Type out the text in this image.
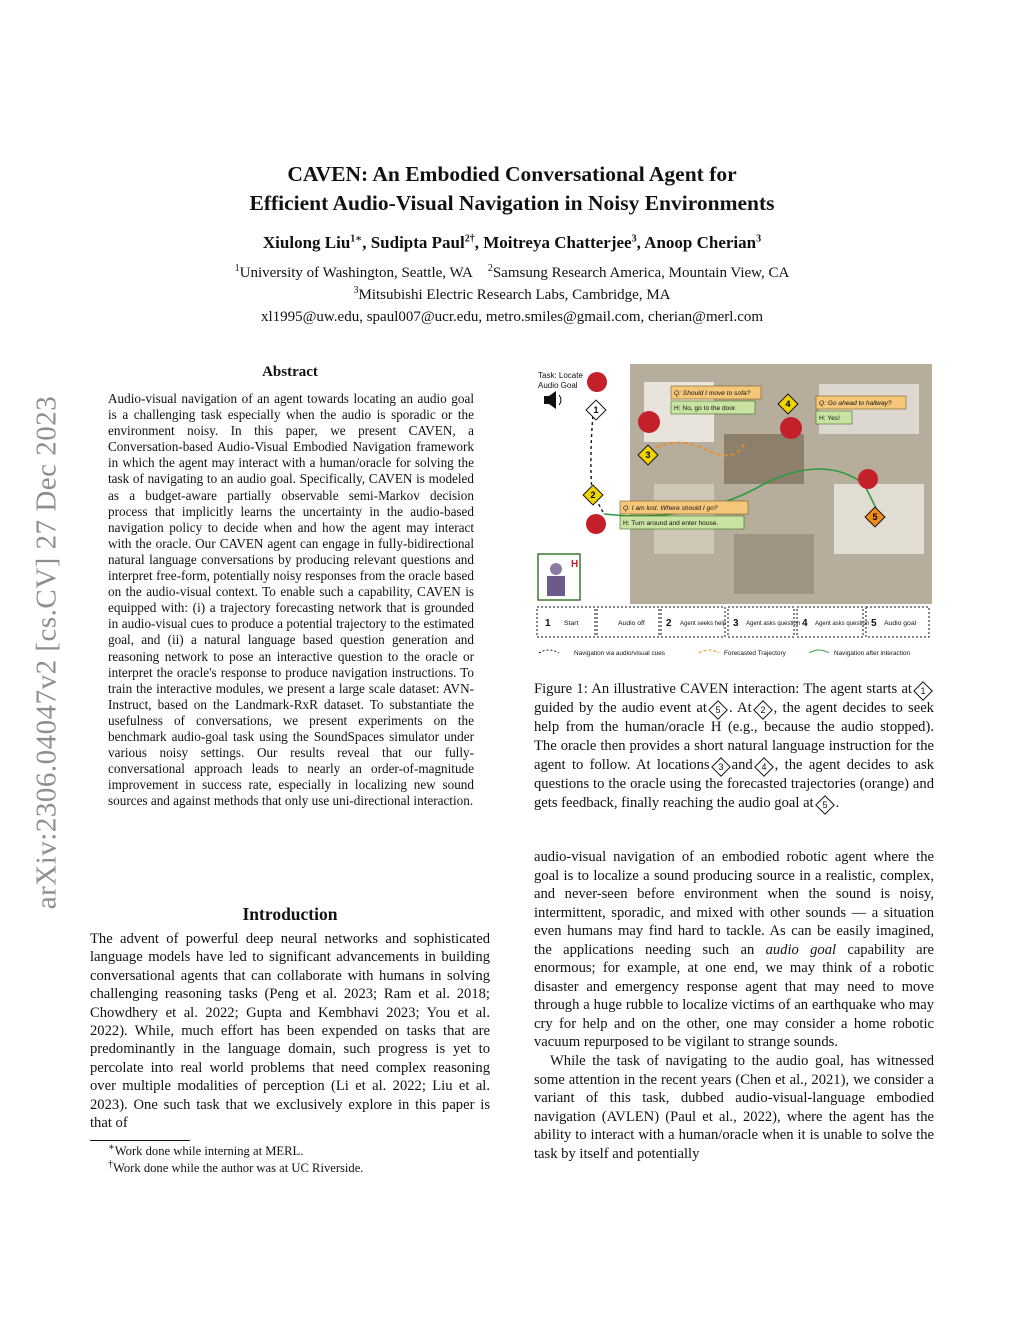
arXiv:2306.04047v2 [cs.CV] 27 Dec 2023
CAVEN: An Embodied Conversational Agent for
Efficient Audio-Visual Navigation in Noisy Environments
Xiulong Liu$^{1∗}$, Sudipta Paul$^{2\dagger}$, Moitreya Chatterjee$^3$, Anoop Cherian$^3$
$^1$University of Washington, Seattle, WA $^2$Samsung Research America, Mountain View, CA
$^3$Mitsubishi Electric Research Labs, Cambridge, MA
xl1995@uw.edu, spaul007@ucr.edu, metro.smiles@gmail.com, cherian@merl.com
Abstract
Audio-visual navigation of an agent towards locating an audio goal is a challenging task especially when the audio is sporadic or the environment noisy. In this paper, we present CAVEN, a Conversation-based Audio-Visual Embodied Navigation framework in which the agent may interact with a human/oracle for solving the task of navigating to an audio goal. Specifically, CAVEN is modeled as a budget-aware partially observable semi-Markov decision process that implicitly learns the uncertainty in the audio-based navigation policy to decide when and how the agent may interact with the oracle. Our CAVEN agent can engage in fully-bidirectional natural language conversations by producing relevant questions and interpret free-form, potentially noisy responses from the oracle based on the audio-visual context. To enable such a capability, CAVEN is equipped with: (i) a trajectory forecasting network that is grounded in audio-visual cues to produce a potential trajectory to the estimated goal, and (ii) a natural language based question generation and reasoning network to pose an interactive question to the oracle or interpret the oracle's response to produce navigation instructions. To train the interactive modules, we present a large scale dataset: AVN-Instruct, based on the Landmark-RxR dataset. To substantiate the usefulness of conversations, we present experiments on the benchmark audio-goal task using the SoundSpaces simulator under various noisy settings. Our results reveal that our fully-conversational approach leads to nearly an order-of-magnitude improvement in success rate, especially in localizing new sound sources and against methods that only use uni-directional interaction.
Introduction
The advent of powerful deep neural networks and sophisticated language models have led to significant advancements in building conversational agents that can collaborate with humans in solving challenging reasoning tasks (Peng et al. 2023; Ram et al. 2018; Chowdhery et al. 2022; Gupta and Kembhavi 2023; You et al. 2022). While, much effort has been expended on tasks that are predominantly in the language domain, such progress is yet to percolate into real world problems that need complex reasoning over multiple modalities of perception (Li et al. 2022; Liu et al. 2023). One such task that we exclusively explore in this paper is that of
∗Work done while interning at MERL.
†Work done while the author was at UC Riverside.
Task: Locate
Audio Goal
H
Q: Should I move to sofa?
H: No, go to the door.
Q: Go ahead to hallway?
H: Yes!
Q: I am lost. Where should I go?
H: Turn around and enter house.
1
2
3
4
5
1 Start	Audio off 2 Agent seeks help 3 Agent asks question 4 Agent asks question 5 Audio goal
Navigation via audio/visual cues	Forecasted Trajectory	Navigation after interaction
Figure 1: An illustrative CAVEN interaction: The agent starts at 1
guided by the audio event at 5 . At 2 , the agent decides to seek help from the human/oracle H (e.g., because the audio stopped). The oracle then provides a short natural language instruction for the agent to follow. At locations 3 and 4 , the agent decides to ask questions to the oracle using the forecasted trajectories (orange) and gets feedback, finally reaching the audio goal at 5 .

audio-visual navigation of an embodied robotic agent where the goal is to localize a sound producing source in a realistic, complex, and never-seen before environment when the sound is noisy, intermittent, sporadic, and mixed with other sounds — a situation even humans may find hard to tackle. As can be easily imagined, the applications needing such an audio goal capability are enormous; for example, at one end, we may think of a robotic disaster and emergency response agent that may need to move through a huge rubble to localize victims of an earthquake who may cry for help and on the other, one may consider a home robotic vacuum repurposed to be vigilant to strange sounds.

While the task of navigating to the audio goal, has witnessed some attention in the recent years (Chen et al., 2021), we consider a variant of this task, dubbed audio-visual-language embodied navigation (AVLEN) (Paul et al., 2022), where the agent has the ability to interact with a human/oracle when it is unable to solve the task by itself and potentially
